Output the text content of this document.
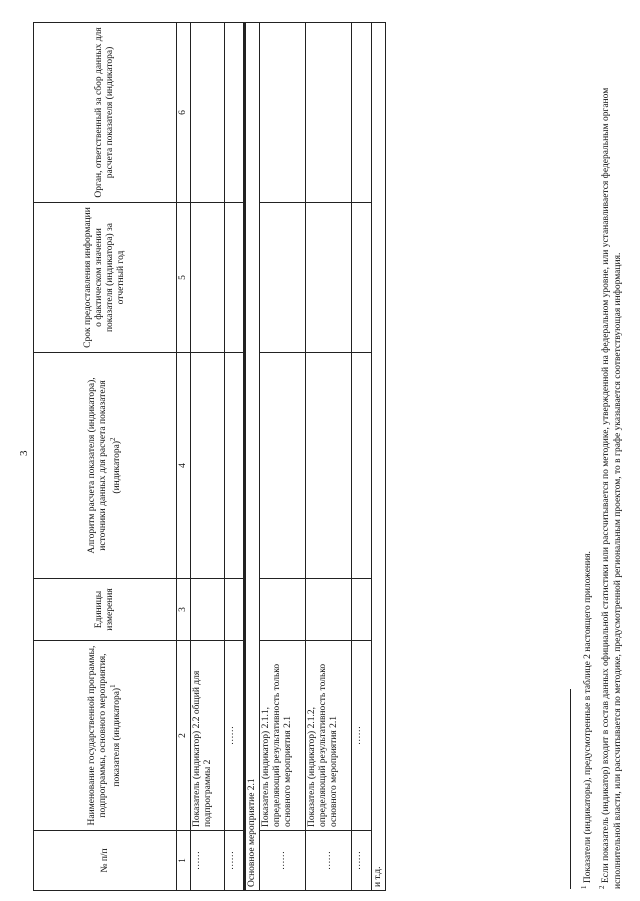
3
№ п/п	Наименование государственной программы, подпрограммы, основного мероприятия, показателя (индикатора)$^1$	Единицы измерения	Алгоритм расчета показателя (индикатора), источники данных для расчета показателя (индикатора)$^2$	Срок предоставления информации о фактическом значении показателя (индикатора) за отчетный год	Орган, ответственный за сбор данных для расчета показателя (индикатора)
1	2	3	4	5	6
……	Показатель (индикатор) 2.2 общий для подпрограммы 2				
……	……				
Основное мероприятие 2.1					
……	Показатель (индикатор) 2.1.1, определяющий результативность только основного мероприятия 2.1				
……	Показатель (индикатор) 2.1.2, определяющий результативность только основного мероприятия 2.1				
……	……				
и т.д.					
$^1$ Показатели (индикаторы), предусмотренные в таблице 2 настоящего приложения.
$^2$ Если показатель (индикатор) входит в состав данных официальной статистики или рассчитывается по методике, утвержденной на федеральном уровне, или устанавливается федеральным органом исполнительной власти, или рассчитывается по методике, предусмотренной региональным проектом, то в графе указывается соответствующая информация.
